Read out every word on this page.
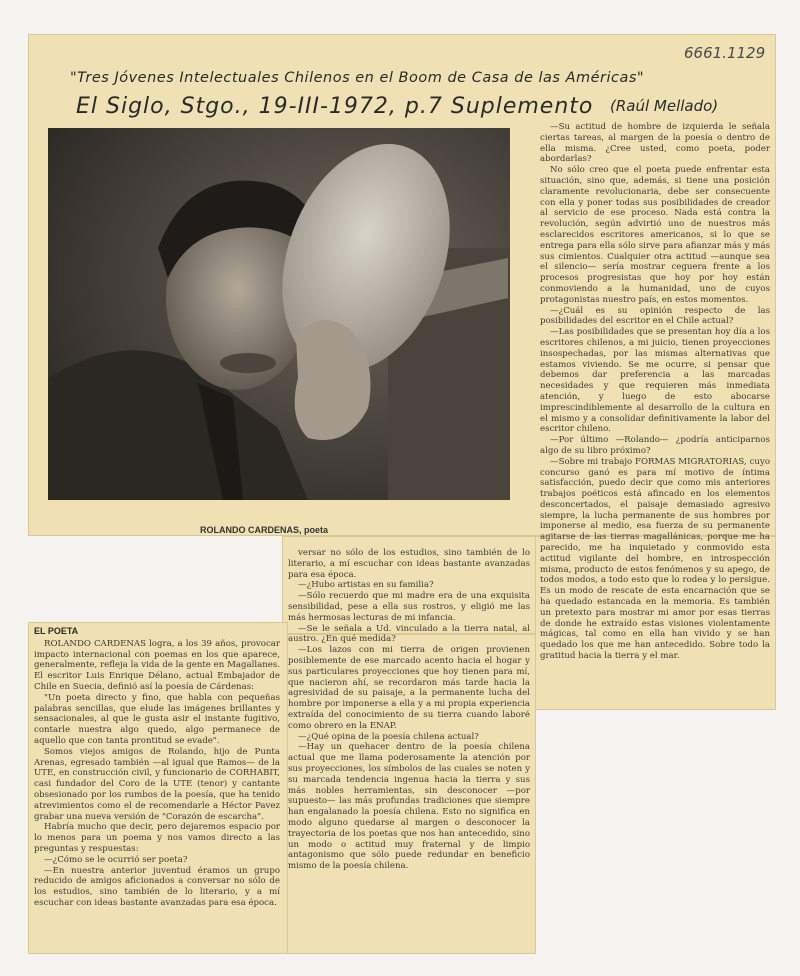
6661.1129
"Tres Jóvenes Intelectuales Chilenos en el Boom de Casa de las Américas"
El Siglo, Stgo., 19-III-1972, p.7 Suplemento (Raúl Mellado)
ROLANDO CARDENAS, poeta

—Su actitud de hombre de izquierda le señala ciertas tareas, al margen de la poesía o dentro de ella misma. ¿Cree usted, como poeta, poder abordarlas?

No sólo creo que el poeta puede enfrentar esta situación, sino que, además, si tiene una posición claramente revolucionaria, debe ser consecuente con ella y poner todas sus posibilidades de creador al servicio de ese proceso. Nada está contra la revolución, según advirtió uno de nuestros más esclarecidos escritores americanos, si lo que se entrega para ella sólo sirve para afianzar más y más sus cimientos. Cualquier otra actitud —aunque sea el silencio— sería mostrar ceguera frente a los procesos progresistas que hoy por hoy están conmoviendo a la humanidad, uno de cuyos protagonistas nuestro país, en estos momentos.

—¿Cuál es su opinión respecto de las posibilidades del escritor en el Chile actual?

—Las posibilidades que se presentan hoy día a los escritores chilenos, a mi juicio, tienen proyecciones insospechadas, por las mismas alternativas que estamos viviendo. Se me ocurre, si pensar que debemos dar preferencia a las marcadas necesidades y que requieren más inmediata atención, y luego de esto abocarse imprescindiblemente al desarrollo de la cultura en el mismo y a consolidar definitivamente la labor del escritor chileno.

—Por último —Rolando— ¿podría anticiparnos algo de su libro próximo?

—Sobre mi trabajo FORMAS MIGRATORIAS, cuyo concurso ganó es para mí motivo de íntima satisfacción, puedo decir que como mis anteriores trabajos poéticos está afincado en los elementos desconcertados, el paisaje demasiado agresivo siempre, la lucha permanente de sus hombres por imponerse al medio, esa fuerza de su permanente agitarse de las tierras magallánicas, porque me ha parecido, me ha inquietado y conmovido esta actitud vigilante del hombre, en introspección misma, producto de estos fenómenos y su apego, de todos modos, a todo esto que lo rodea y lo persigue. Es un modo de rescate de esta encarnación que se ha quedado estancada en la memoria. Es también un pretexto para mostrar mi amor por esas tierras de donde he extraído estas visiones violentamente mágicas, tal como en ella han vivido y se han quedado los que me han antecedido. Sobre todo la gratitud hacia la tierra y el mar.

versar no sólo de los estudios, sino también de lo literario, a mí escuchar con ideas bastante avanzadas para esa época.

—¿Hubo artistas en su familia?

—Sólo recuerdo que mi madre era de una exquisita sensibilidad, pese a ella sus rostros, y eligió me las más hermosas lecturas de mi infancia.

—Se le señala a Ud. vinculado a la tierra natal, al austro. ¿En qué medida?

—Los lazos con mi tierra de origen provienen posiblemente de ese marcado acento hacia el hogar y sus particulares proyecciones que hoy tienen para mí, que nacieron ahí, se recordaron más tarde hacia la agresividad de su paisaje, a la permanente lucha del hombre por imponerse a ella y a mi propia experiencia extraída del conocimiento de su tierra cuando laboré como obrero en la ENAP.

—¿Qué opina de la poesía chilena actual?

—Hay un quehacer dentro de la poesía chilena actual que me llama poderosamente la atención por sus proyecciones, los símbolos de las cuales se noten y su marcada tendencia ingenua hacia la tierra y sus más nobles herramientas, sin desconocer —por supuesto— las más profundas tradiciones que siempre han engalanado la poesía chilena. Esto no significa en modo alguno quedarse al margen o desconocer la trayectoria de los poetas que nos han antecedido, sino un modo o actitud muy fraternal y de limpio antagonismo que sólo puede redundar en beneficio mismo de la poesía chilena.

EL POETA

ROLANDO CARDENAS logra, a los 39 años, provocar impacto internacional con poemas en los que aparece, generalmente, refleja la vida de la gente en Magallanes. El escritor Luis Enrique Délano, actual Embajador de Chile en Suecia, definió así la poesía de Cárdenas:

"Un poeta directo y fino, que habla con pequeñas palabras sencillas, que elude las imágenes brillantes y sensacionales, al que le gusta asir el instante fugitivo, contarle nuestra algo quedo, algo permanece de aquello que con tanta prontitud se evade".

Somos viejos amigos de Rolando, hijo de Punta Arenas, egresado también —al igual que Ramos— de la UTE, en construcción civil, y funcionario de CORHABIT, casi fundador del Coro de la UTE (tenor) y cantante obsesionado por los rumbos de la poesía, que ha tenido atrevimientos como el de recomendarle a Héctor Pavez grabar una nueva versión de "Corazón de escarcha".

Habría mucho que decir, pero dejaremos espacio por lo menos para un poema y nos vamos directo a las preguntas y respuestas:

—¿Cómo se le ocurrió ser poeta?

—En nuestra anterior juventud éramos un grupo reducido de amigos aficionados a conversar no sólo de los estudios, sino también de lo literario, y a mí escuchar con ideas bastante avanzadas para esa época.
